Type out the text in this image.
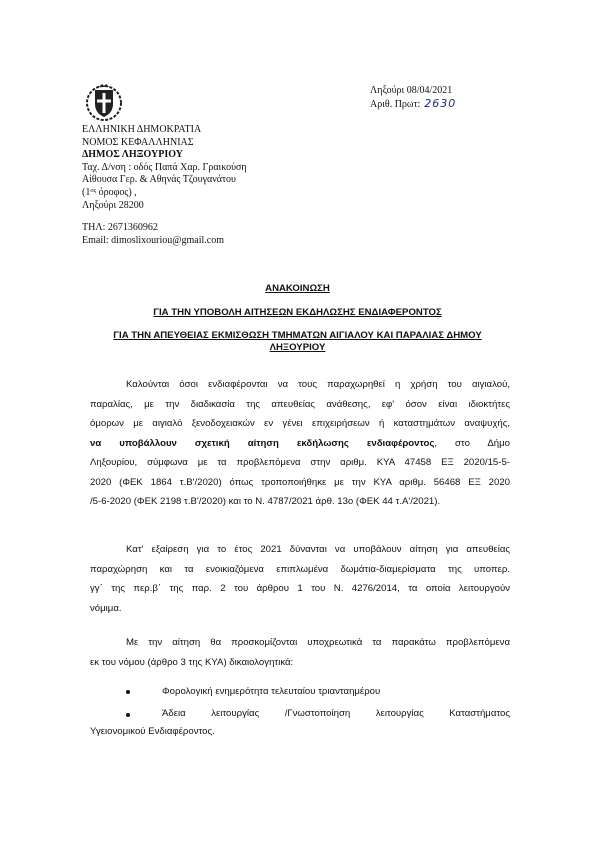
ΕΛΛΗΝΙΚΗ ΔΗΜΟΚΡΑΤΙΑ
ΝΟΜΟΣ ΚΕΦΑΛΛΗΝΙΑΣ
ΔΗΜΟΣ ΛΗΞΟΥΡΙΟΥ
Ταχ. Δ/νση : οδός Παπά Χαρ. Γραικούση
Αίθουσα Γερ. & Αθηνάς Τζουγανάτου
($1^{o\varsigma}$ όροφος) ,
Ληξούρι 28200
ΤΗΛ: 2671360962
Email: dimoslixouriou@gmail.com
Ληξούρι 08/04/2021
Αριθ. Πρωτ: 2630
ΑΝΑΚΟΙΝΩΣΗ
ΓΙΑ ΤΗΝ ΥΠΟΒΟΛΗ ΑΙΤΗΣΕΩΝ ΕΚΔΗΛΩΣΗΣ ΕΝΔΙΑΦΕΡΟΝΤΟΣ
ΓΙΑ ΤΗΝ ΑΠΕΥΘΕΙΑΣ ΕΚΜΙΣΘΩΣΗ ΤΜΗΜΑΤΩΝ ΑΙΓΙΑΛΟΥ ΚΑΙ ΠΑΡΑΛΙΑΣ ΔΗΜΟΥ
ΛΗΞΟΥΡΙΟΥ
Καλούνται όσοι ενδιαφέρονται να τους παραχωρηθεί η χρήση του αιγιαλού,
παραλίας, με την διαδικασία της απευθείας ανάθεσης, εφ' όσον είναι ιδιοκτήτες
όμορων με αιγιαλό ξενοδοχειακών εν γένει επιχειρήσεων ή καταστημάτων αναψυχής,
να υποβάλλουν σχετική αίτηση εκδήλωσης ενδιαφέροντος, στο Δήμο
Ληξουρίου, σύμφωνα με τα προβλεπόμενα στην αριθμ. ΚΥΑ 47458 ΕΞ 2020/15-5-
2020 (ΦΕΚ 1864 τ.Β'/2020) όπως τροποποιήθηκε με την ΚΥΑ αριθμ. 56468 ΕΞ 2020
/5-6-2020 (ΦΕΚ 2198 τ.Β'/2020) και το Ν. 4787/2021 άρθ. 13ο (ΦΕΚ 44 τ.Α'/2021).
Κατ' εξαίρεση για το έτος 2021 δύνανται να υποβάλουν αίτηση για απευθείας
παραχώρηση και τα ενοικιαζόμενα επιπλωμένα δωμάτια-διαμερίσματα της υποπερ.
γγ΄ της περ.β΄ της παρ. 2 του άρθρου 1 του Ν. 4276/2014, τα οποία λειτουργούν
νόμιμα.
Με την αίτηση θα προσκομίζονται υποχρεωτικά τα παρακάτω προβλεπόμενα
εκ του νόμου (άρθρο 3 της ΚΥΑ) δικαιολογητικά:
Φορολογική ενημερότητα τελευταίου τριανταημέρου
Άδεια λειτουργίας /Γνωστοποίηση λειτουργίας Καταστήματος
Υγειονομικού Ενδιαφέροντος.
